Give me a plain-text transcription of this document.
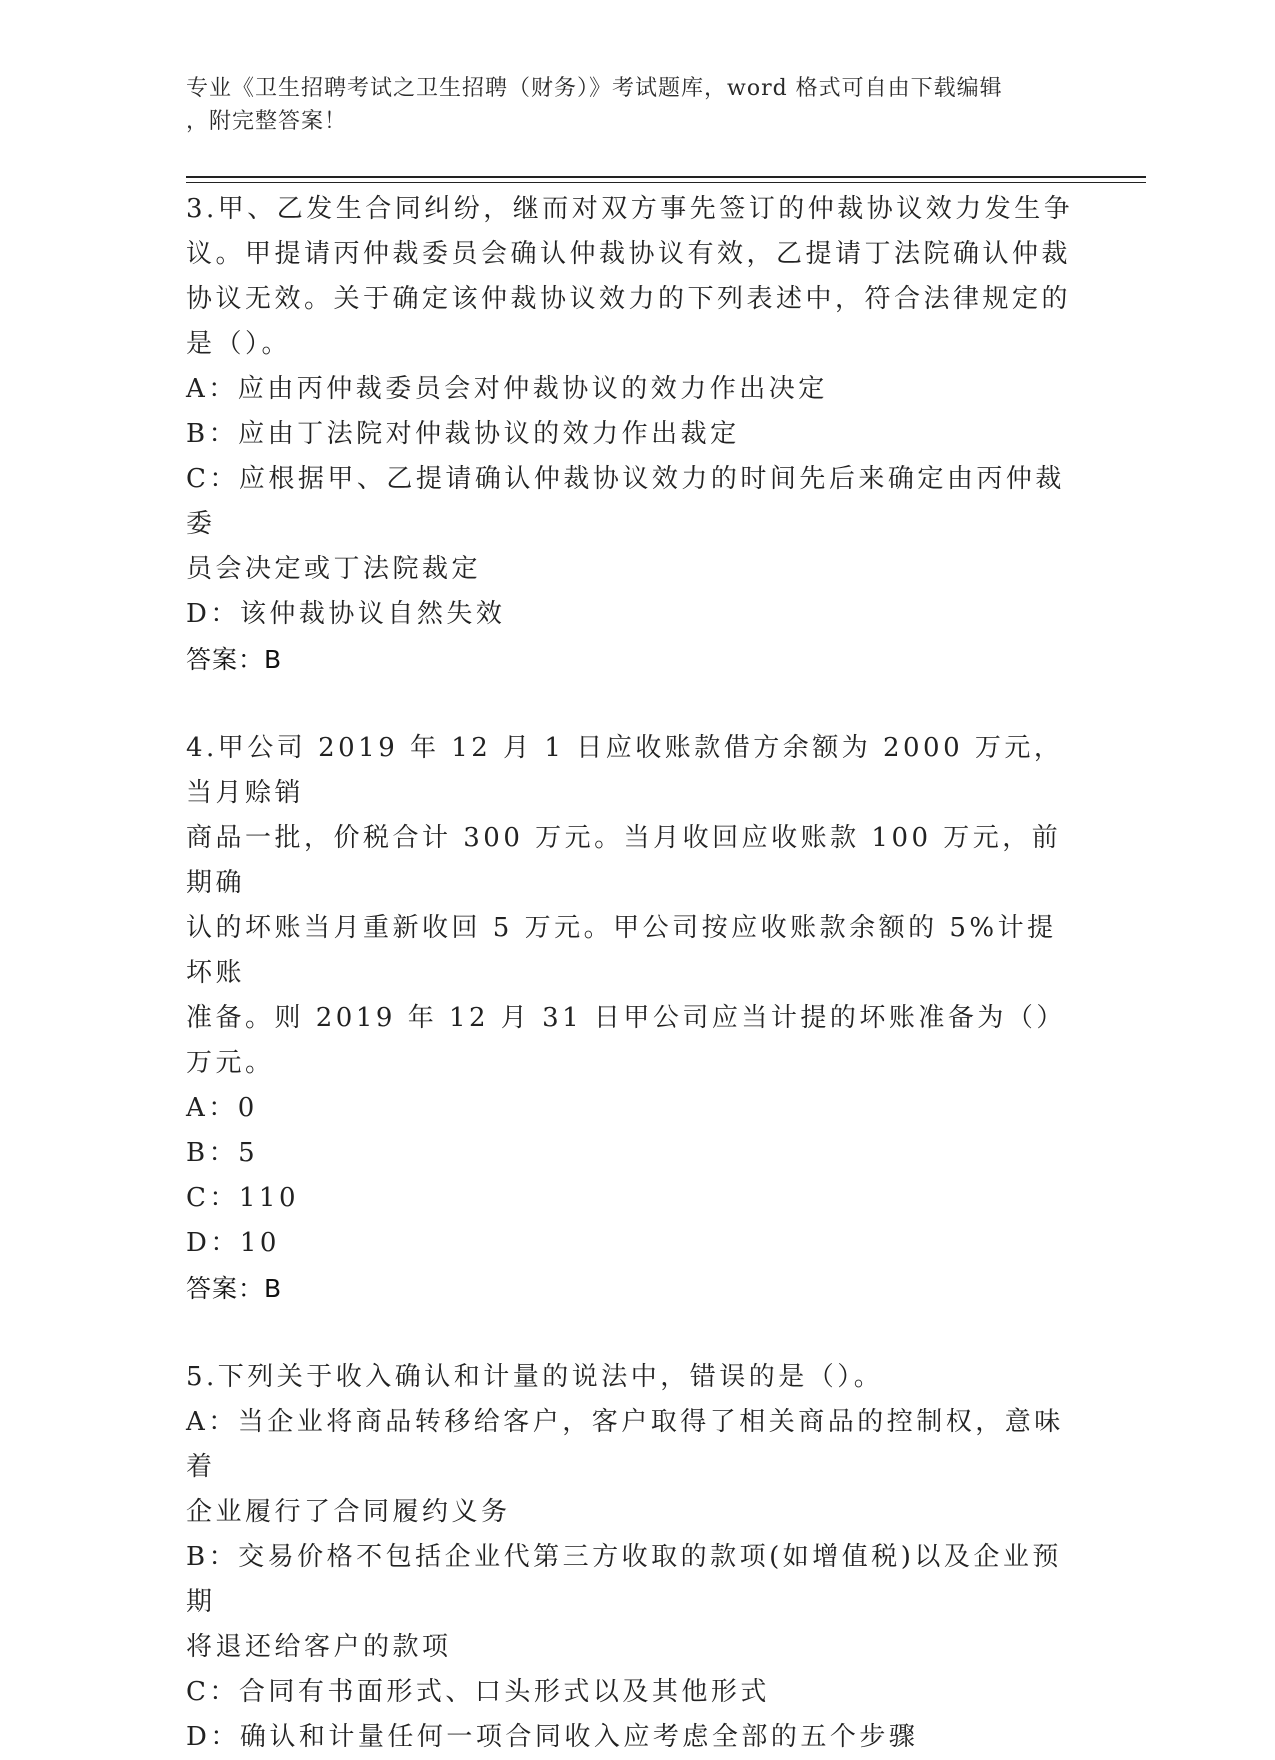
专业《卫生招聘考试之卫生招聘（财务）》考试题库，word 格式可自由下载编辑
，附完整答案！
3.甲、乙发生合同纠纷，继而对双方事先签订的仲裁协议效力发生争
议。甲提请丙仲裁委员会确认仲裁协议有效，乙提请丁法院确认仲裁
协议无效。关于确定该仲裁协议效力的下列表述中，符合法律规定的
是（）。
A：应由丙仲裁委员会对仲裁协议的效力作出决定
B：应由丁法院对仲裁协议的效力作出裁定
C：应根据甲、乙提请确认仲裁协议效力的时间先后来确定由丙仲裁委
员会决定或丁法院裁定
D：该仲裁协议自然失效
答案：B
4.甲公司 2019 年 12 月 1 日应收账款借方余额为 2000 万元，当月赊销
商品一批，价税合计 300 万元。当月收回应收账款 100 万元，前期确
认的坏账当月重新收回 5 万元。甲公司按应收账款余额的 5%计提坏账
准备。则 2019 年 12 月 31 日甲公司应当计提的坏账准备为（）万元。
A：0
B：5
C：110
D：10
答案：B
5.下列关于收入确认和计量的说法中，错误的是（）。
A：当企业将商品转移给客户，客户取得了相关商品的控制权，意味着
企业履行了合同履约义务
B：交易价格不包括企业代第三方收取的款项(如增值税)以及企业预期
将退还给客户的款项
C：合同有书面形式、口头形式以及其他形式
D：确认和计量任何一项合同收入应考虑全部的五个步骤
